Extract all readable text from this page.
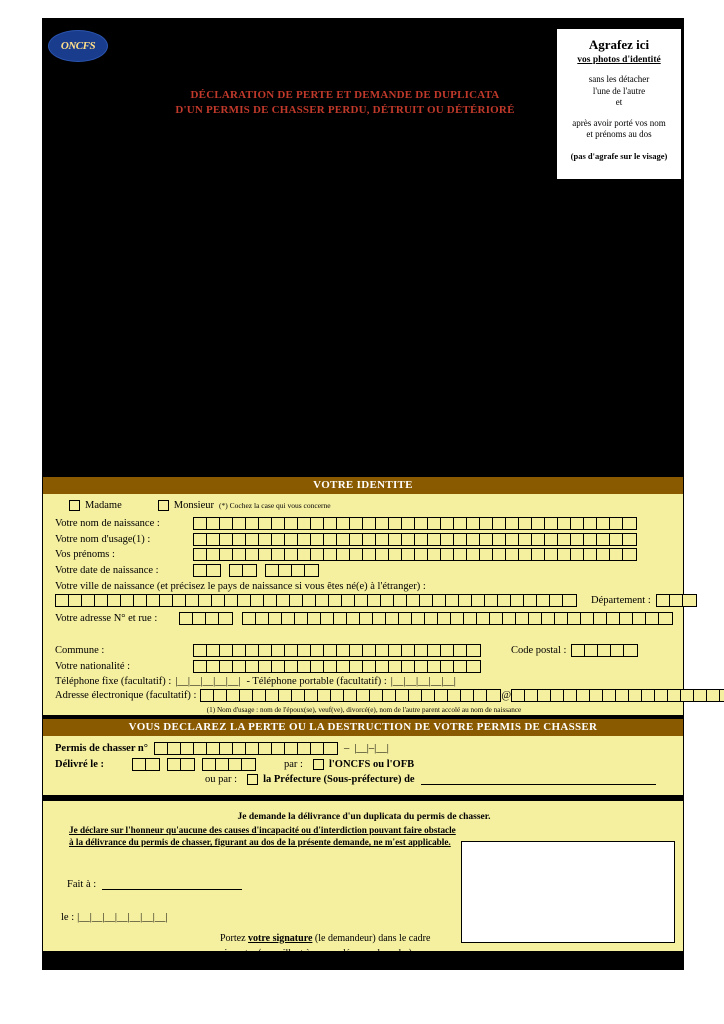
ONCFS
DÉCLARATION DE PERTE ET DEMANDE DE DUPLICATA
D'UN PERMIS DE CHASSER PERDU, DÉTRUIT OU DÉTÉRIORÉ
Agrafez ici
vos photos d'identité
sans les détacher
l'une de l'autre
et
après avoir porté vos nom
et prénoms au dos
(pas d'agrafe sur le visage)
VOTRE IDENTITE
Madame	Monsieur (*) Cochez la case qui vous concerne
Votre nom de naissance :
Votre nom d'usage(1) :
Vos prénoms :
Votre date de naissance :
Votre ville de naissance (et précisez le pays de naissance si vous êtes né(e) à l'étranger) :
Département :
Votre adresse N° et rue :
Commune :	Code postal :
Votre nationalité :
Téléphone fixe (facultatif) : |__|__|__|__|__| - Téléphone portable (facultatif) : |__|__|__|__|__|
Adresse électronique (facultatif) :	@
(1) Nom d'usage : nom de l'époux(se), veuf(ve), divorcé(e), nom de l'autre parent accolé au nom de naissance
VOUS DECLAREZ LA PERTE OU LA DESTRUCTION DE VOTRE PERMIS DE CHASSER
Permis de chasser n°	– |__|–|__|
Délivré le :	par : l'ONCFS ou l'OFB
ou par : la Préfecture (Sous-préfecture) de
Je demande la délivrance d'un duplicata du permis de chasser.
Je déclare sur l'honneur qu'aucune des causes d'incapacité ou d'interdiction pouvant faire obstacle
à la délivrance du permis de chasser, figurant au dos de la présente demande, ne m'est applicable.
Fait à :
le : |__|__|__|__|__|__|__|
Portez votre signature (le demandeur) dans le cadre
ci-contre (en veillant à ne pas dépasser le cadre) : ⟶
